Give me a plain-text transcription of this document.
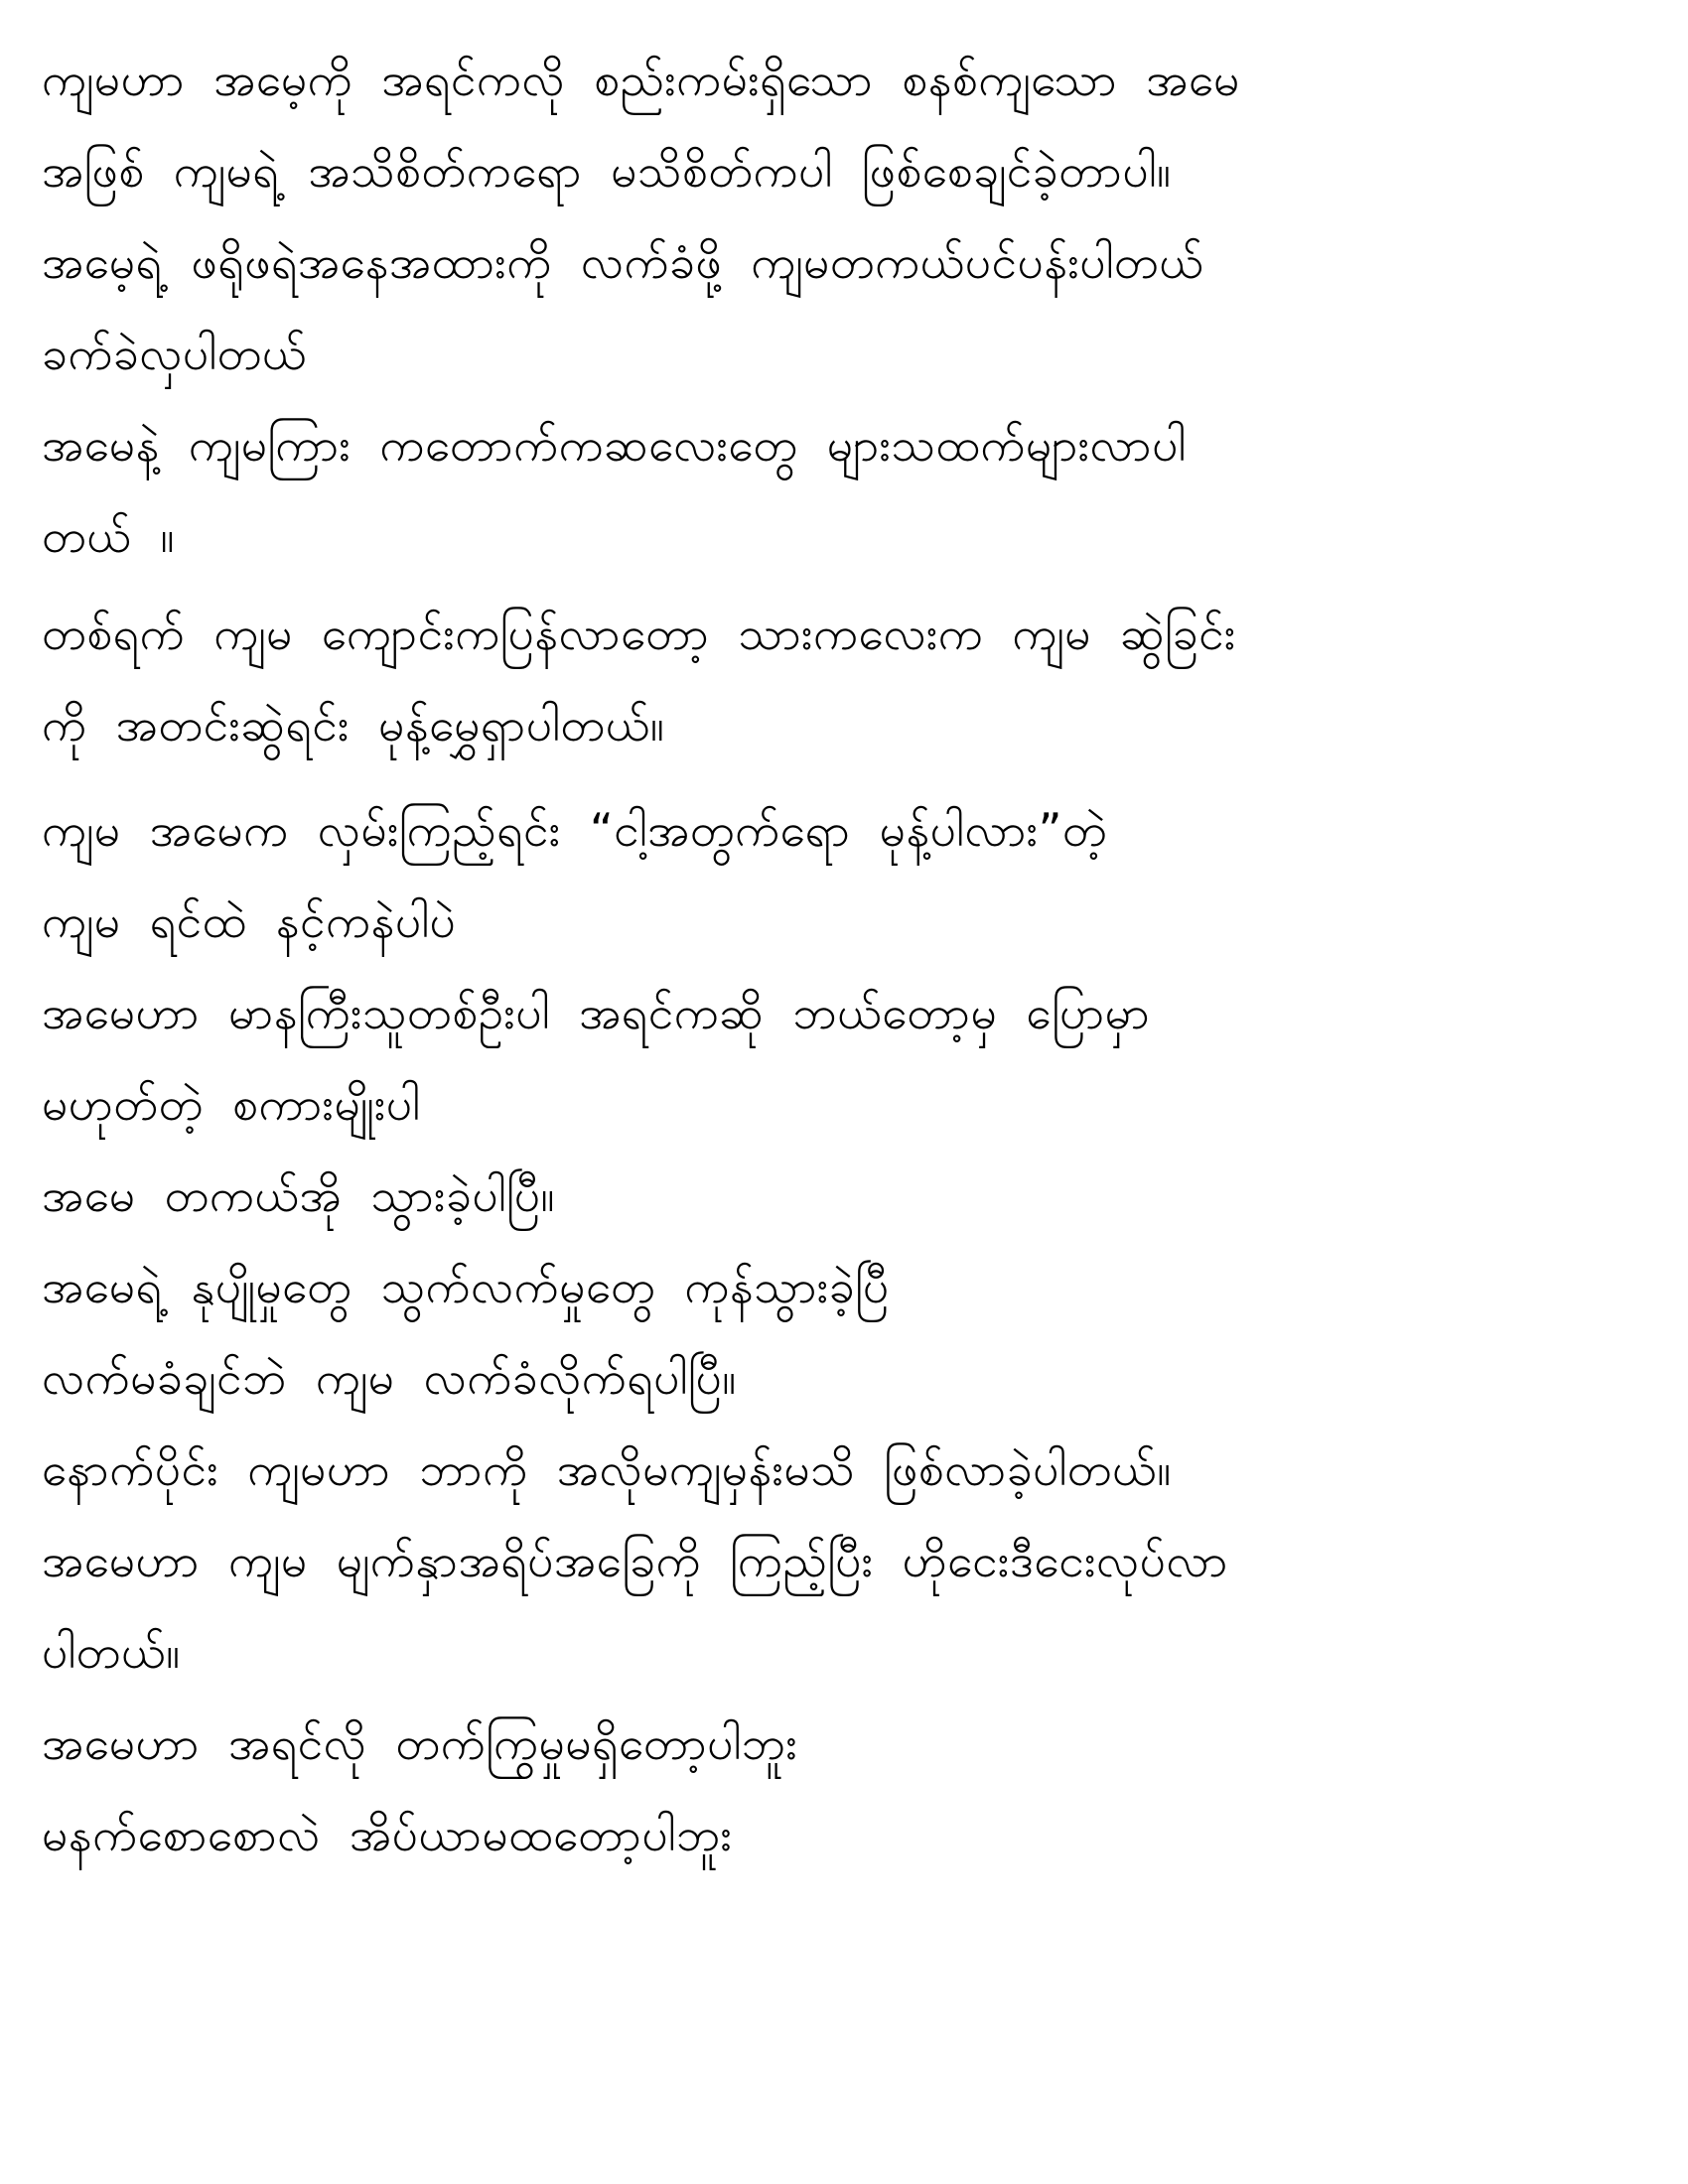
ကျမဟာ အမေ့ကို အရင်ကလို စည်းကမ်းရှိသော စနစ်ကျသော အမေ
အဖြစ် ကျမရဲ့ အသိစိတ်ကရော မသိစိတ်ကပါ ဖြစ်စေချင်ခဲ့တာပါ။
အမေ့ရဲ့ ဖရိုဖရဲအနေအထားကို လက်ခံဖို့ ကျမတကယ်ပင်ပန်းပါတယ်
ခက်ခဲလှပါတယ်
အမေနဲ့ ကျမကြား ကတောက်ကဆလေးတွေ များသထက်များလာပါ
တယ် ။
တစ်ရက် ကျမ ကျောင်းကပြန်လာတော့ သားကလေးက ကျမ ဆွဲခြင်း
ကို အတင်းဆွဲရင်း မုန့်မွှေရှာပါတယ်။
ကျမ အမေက လှမ်းကြည့်ရင်း “ငါ့အတွက်ရော မုန့်ပါလား”တဲ့
ကျမ ရင်ထဲ နင့်ကနဲပါပဲ
အမေဟာ မာနကြီးသူတစ်ဦးပါ အရင်ကဆို ဘယ်တော့မှ ပြောမှာ
မဟုတ်တဲ့ စကားမျိုးပါ
အမေ တကယ်အို သွားခဲ့ပါပြီ။
အမေရဲ့ နုပျိုမှုတွေ သွက်လက်မှုတွေ ကုန်သွားခဲ့ပြီ
လက်မခံချင်ဘဲ ကျမ လက်ခံလိုက်ရပါပြီ။
နောက်ပိုင်း ကျမဟာ ဘာကို အလိုမကျမှန်းမသိ ဖြစ်လာခဲ့ပါတယ်။
အမေဟာ ကျမ မျက်နှာအရိပ်အခြေကို ကြည့်ပြီး ဟိုငေးဒီငေးလုပ်လာ
ပါတယ်။
အမေဟာ အရင်လို တက်ကြွမှုမရှိတော့ပါဘူး
မနက်စောစောလဲ အိပ်ယာမထတော့ပါဘူး
